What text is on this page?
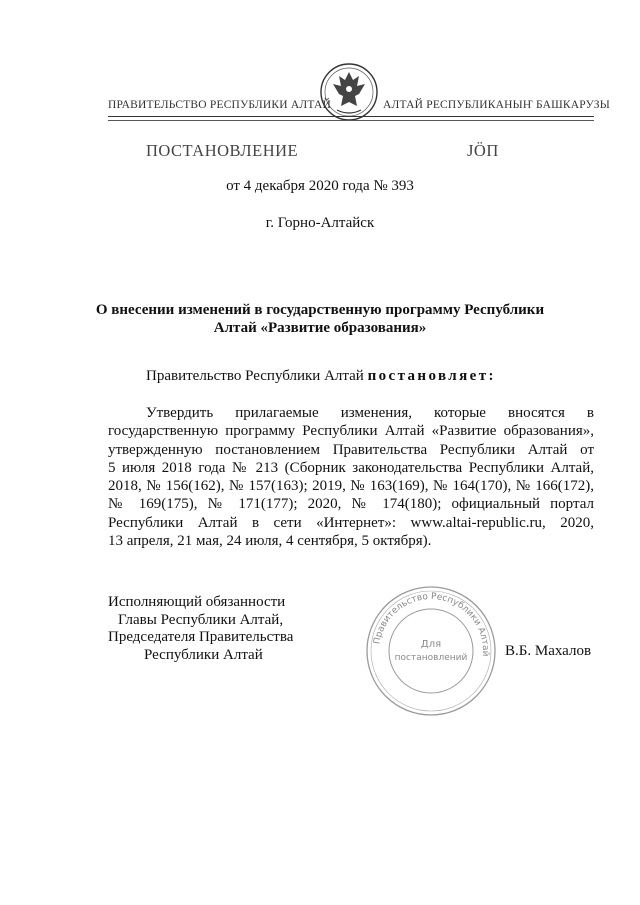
ПРАВИТЕЛЬСТВО РЕСПУБЛИКИ АЛТАЙ	АЛТАЙ РЕСПУБЛИКАНЫҤ БАШКАРУЗЫ
ПОСТАНОВЛЕНИЕ	ЈӦП
от 4 декабря 2020 года № 393
г. Горно-Алтайск
О внесении изменений в государственную программу Республики
Алтай «Развитие образования»
Правительство Республики Алтай постановляет:
Утвердить прилагаемые изменения, которые вносятся в
государственную программу Республики Алтай «Развитие образования»,
утвержденную постановлением Правительства Республики Алтай от
5 июля 2018 года № 213 (Сборник законодательства Республики Алтай,
2018, № 156(162), № 157(163); 2019, № 163(169), № 164(170), № 166(172),
№ 169(175), № 171(177); 2020, № 174(180); официальный портал
Республики Алтай в сети «Интернет»: www.altai-republic.ru, 2020,
13 апреля, 21 мая, 24 июля, 4 сентября, 5 октября).
Исполняющий обязанности
Главы Республики Алтай,
Председателя Правительства
Республики Алтай	В.Б. Махалов
Правительство Республики Алтай
Для
постановлений
